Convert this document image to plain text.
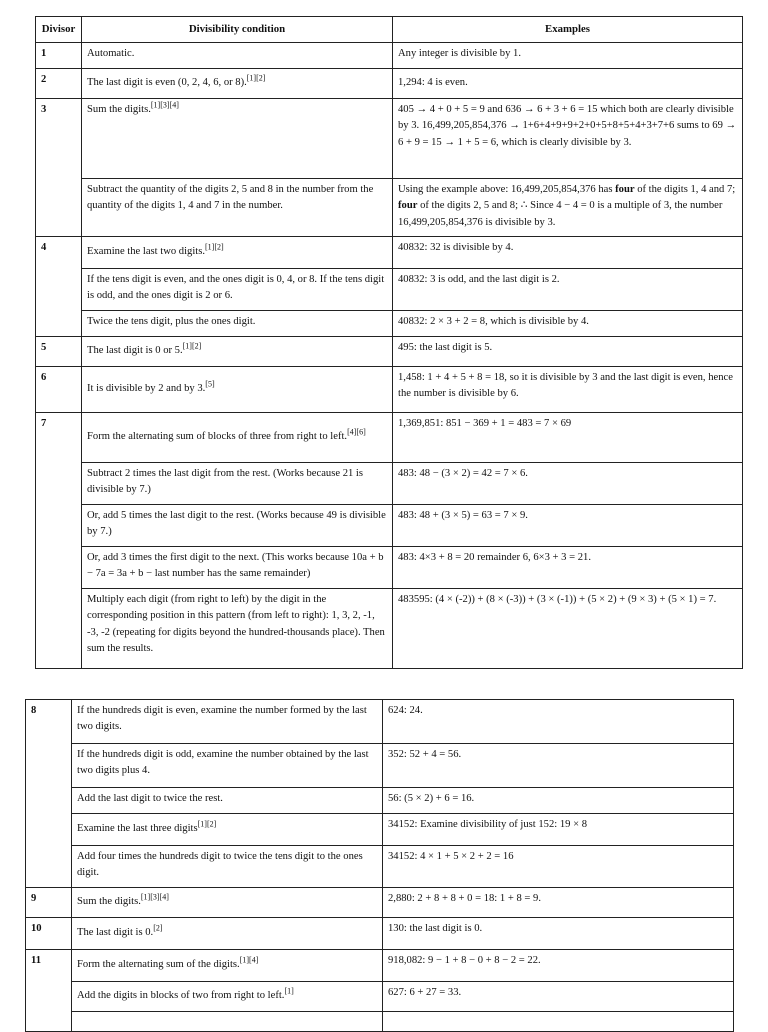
Divisor	Divisibility condition	Examples
1	Automatic.	Any integer is divisible by 1.
2	The last digit is even (0, 2, 4, 6, or 8).[1][2]	1,294: 4 is even.
3	Sum the digits.[1][3][4]	405 → 4 + 0 + 5 = 9 and 636 → 6 + 3 + 6 = 15 which both are clearly divisible by 3. 16,499,205,854,376 → 1+6+4+9+9+2+0+5+8+5+4+3+7+6 sums to 69 → 6 + 9 = 15 → 1 + 5 = 6, which is clearly divisible by 3.
	Subtract the quantity of the digits 2, 5 and 8 in the number from the quantity of the digits 1, 4 and 7 in the number.	Using the example above: 16,499,205,854,376 has four of the digits 1, 4 and 7; four of the digits 2, 5 and 8; ∴ Since 4 − 4 = 0 is a multiple of 3, the number 16,499,205,854,376 is divisible by 3.
4	Examine the last two digits.[1][2]	40832: 32 is divisible by 4.
	If the tens digit is even, and the ones digit is 0, 4, or 8. If the tens digit is odd, and the ones digit is 2 or 6.	40832: 3 is odd, and the last digit is 2.
	Twice the tens digit, plus the ones digit.	40832: 2 × 3 + 2 = 8, which is divisible by 4.
5	The last digit is 0 or 5.[1][2]	495: the last digit is 5.
6	It is divisible by 2 and by 3.[5]	1,458: 1 + 4 + 5 + 8 = 18, so it is divisible by 3 and the last digit is even, hence the number is divisible by 6.
7	Form the alternating sum of blocks of three from right to left.[4][6]	1,369,851: 851 − 369 + 1 = 483 = 7 × 69
	Subtract 2 times the last digit from the rest. (Works because 21 is divisible by 7.)	483: 48 − (3 × 2) = 42 = 7 × 6.
	Or, add 5 times the last digit to the rest. (Works because 49 is divisible by 7.)	483: 48 + (3 × 5) = 63 = 7 × 9.
	Or, add 3 times the first digit to the next. (This works because 10a + b − 7a = 3a + b − last number has the same remainder)	483: 4×3 + 8 = 20 remainder 6, 6×3 + 3 = 21.
	Multiply each digit (from right to left) by the digit in the corresponding position in this pattern (from left to right): 1, 3, 2, -1, -3, -2 (repeating for digits beyond the hundred-thousands place). Then sum the results.	483595: (4 × (-2)) + (8 × (-3)) + (3 × (-1)) + (5 × 2) + (9 × 3) + (5 × 1) = 7.
8	If the hundreds digit is even, examine the number formed by the last two digits.	624: 24.
	If the hundreds digit is odd, examine the number obtained by the last two digits plus 4.	352: 52 + 4 = 56.
	Add the last digit to twice the rest.	56: (5 × 2) + 6 = 16.
	Examine the last three digits[1][2]	34152: Examine divisibility of just 152: 19 × 8
	Add four times the hundreds digit to twice the tens digit to the ones digit.	34152: 4 × 1 + 5 × 2 + 2 = 16
9	Sum the digits.[1][3][4]	2,880: 2 + 8 + 8 + 0 = 18: 1 + 8 = 9.
10	The last digit is 0.[2]	130: the last digit is 0.
11	Form the alternating sum of the digits.[1][4]	918,082: 9 − 1 + 8 − 0 + 8 − 2 = 22.
	Add the digits in blocks of two from right to left.[1]	627: 6 + 27 = 33.
